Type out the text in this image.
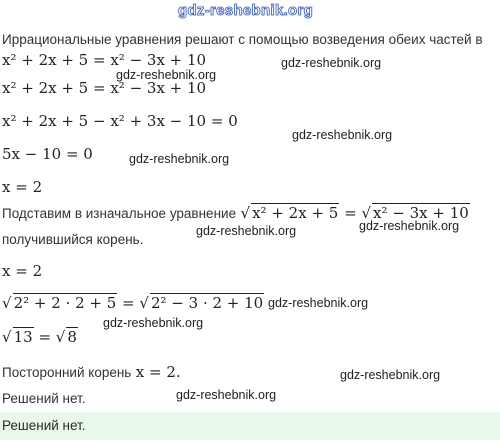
gdz-reshebnik.org
Иррациональные уравнения решают с помощью возведения обеих частей в
x² + 2x + 5 = x² − 3x + 10
x² + 2x + 5 = x² − 3x + 10
x² + 2x + 5 − x² + 3x − 10 = 0
5x − 10 = 0
x = 2
Подставим в изначальное уравнение √ x² + 2x + 5 = √ x² − 3x + 10
получившийся корень.
x = 2
√ 2² + 2 · 2 + 5 = √ 2² − 3 · 2 + 10
√ 13 = √ 8
Посторонний корень x = 2.
Решений нет.
Решений нет.
gdz-reshebnik.org
gdz-reshebnik.org
gdz-reshebnik.org
gdz-reshebnik.org
gdz-reshebnik.org	gdz-reshebnik.org
gdz-reshebnik.org
gdz-reshebnik.org
gdz-reshebnik.org
gdz-reshebnik.org
